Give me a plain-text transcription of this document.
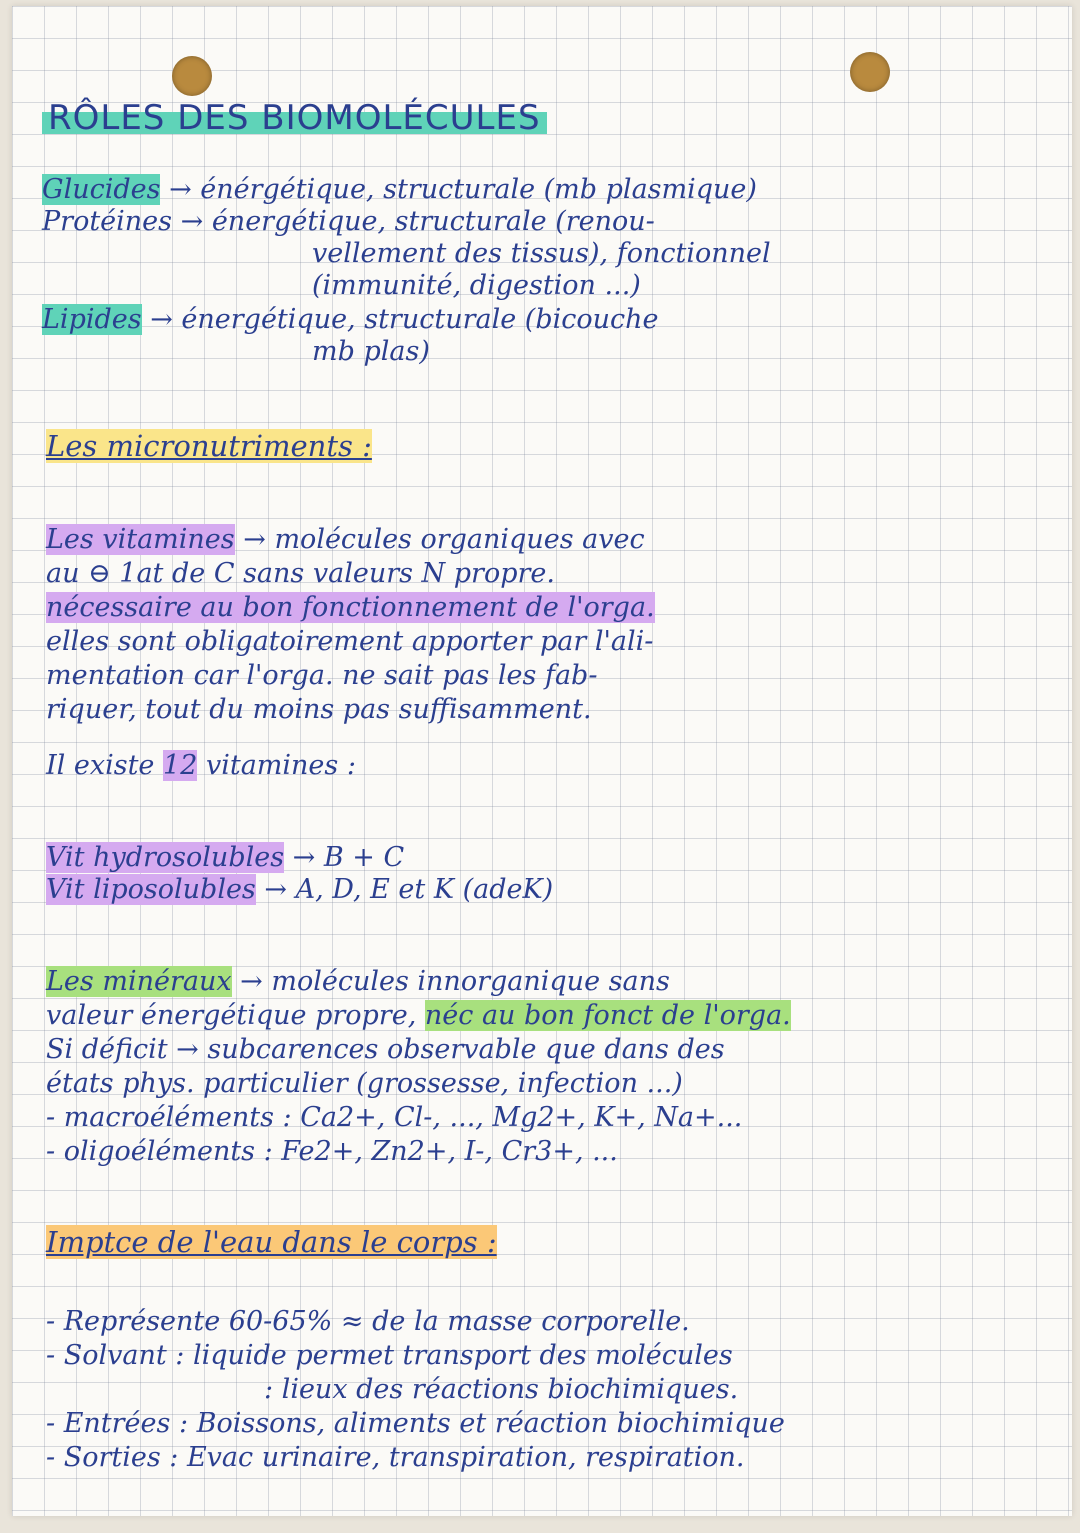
RÔLES DES BIOMOLÉCULES
Glucides → énérgétique, structurale (mb plasmique)
Protéines → énergétique, structurale (renou-
vellement des tissus), fonctionnel
(immunité, digestion ...)
Lipides → énergétique, structurale (bicouche
mb plas)
Les micronutriments :
Les vitamines → molécules organiques avec
au ⊖ 1at de C sans valeurs N propre.
nécessaire au bon fonctionnement de l'orga.
elles sont obligatoirement apporter par l'ali-
mentation car l'orga. ne sait pas les fab-
riquer, tout du moins pas suffisamment.
Il existe 12 vitamines :
Vit hydrosolubles → B + C
Vit liposolubles → A, D, E et K (adeK)
Les minéraux → molécules innorganique sans
valeur énergétique propre, néc au bon fonct de l'orga.
Si déficit → subcarences observable que dans des
états phys. particulier (grossesse, infection ...)
- macroéléments : Ca2+, Cl-, ..., Mg2+, K+, Na+...
- oligoéléments : Fe2+, Zn2+, I-, Cr3+, ...
Imptce de l'eau dans le corps :
- Représente 60-65% ≈ de la masse corporelle.
- Solvant : liquide permet transport des molécules
: lieux des réactions biochimiques.
- Entrées : Boissons, aliments et réaction biochimique
- Sorties : Evac urinaire, transpiration, respiration.
